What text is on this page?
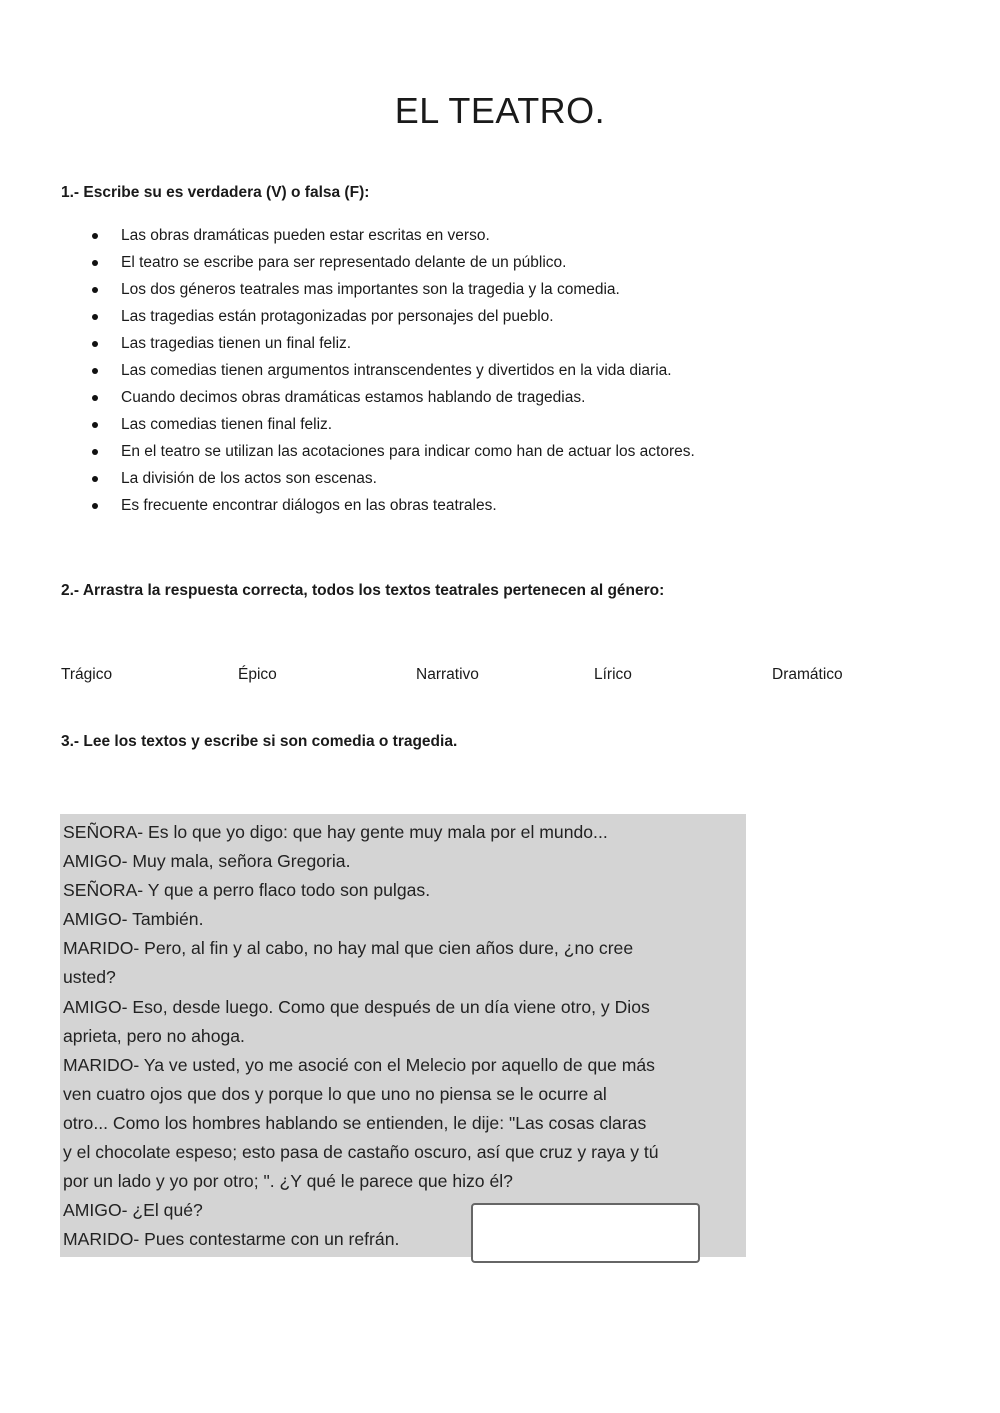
EL TEATRO.
1.- Escribe su es verdadera (V) o falsa (F):
Las obras dramáticas pueden estar escritas en verso.
El teatro se escribe para ser representado delante de un público.
Los dos géneros teatrales mas importantes son la tragedia y la comedia.
Las tragedias están protagonizadas por personajes del pueblo.
Las tragedias tienen un final feliz.
Las comedias tienen argumentos intranscendentes y divertidos en la vida diaria.
Cuando decimos obras dramáticas estamos hablando de tragedias.
Las comedias tienen final feliz.
En el teatro se utilizan las acotaciones para indicar como han de actuar los actores.
La división de los actos son escenas.
Es frecuente encontrar diálogos en las obras teatrales.
2.- Arrastra la respuesta correcta, todos los textos teatrales pertenecen al género:
Trágico	Épico	Narrativo	Lírico	Dramático
3.- Lee los textos y escribe si son comedia o tragedia.

SEÑORA- Es lo que yo digo: que hay gente muy mala por el mundo...

AMIGO- Muy mala, señora Gregoria.

SEÑORA- Y que a perro flaco todo son pulgas.

AMIGO- También.

MARIDO- Pero, al fin y al cabo, no hay mal que cien años dure, ¿no cree

usted?

AMIGO- Eso, desde luego. Como que después de un día viene otro, y Dios

aprieta, pero no ahoga.

MARIDO- Ya ve usted, yo me asocié con el Melecio por aquello de que más

ven cuatro ojos que dos y porque lo que uno no piensa se le ocurre al

otro... Como los hombres hablando se entienden, le dije: "Las cosas claras

y el chocolate espeso; esto pasa de castaño oscuro, así que cruz y raya y tú

por un lado y yo por otro; ". ¿Y qué le parece que hizo él?

AMIGO- ¿El qué?

MARIDO- Pues contestarme con un refrán.
